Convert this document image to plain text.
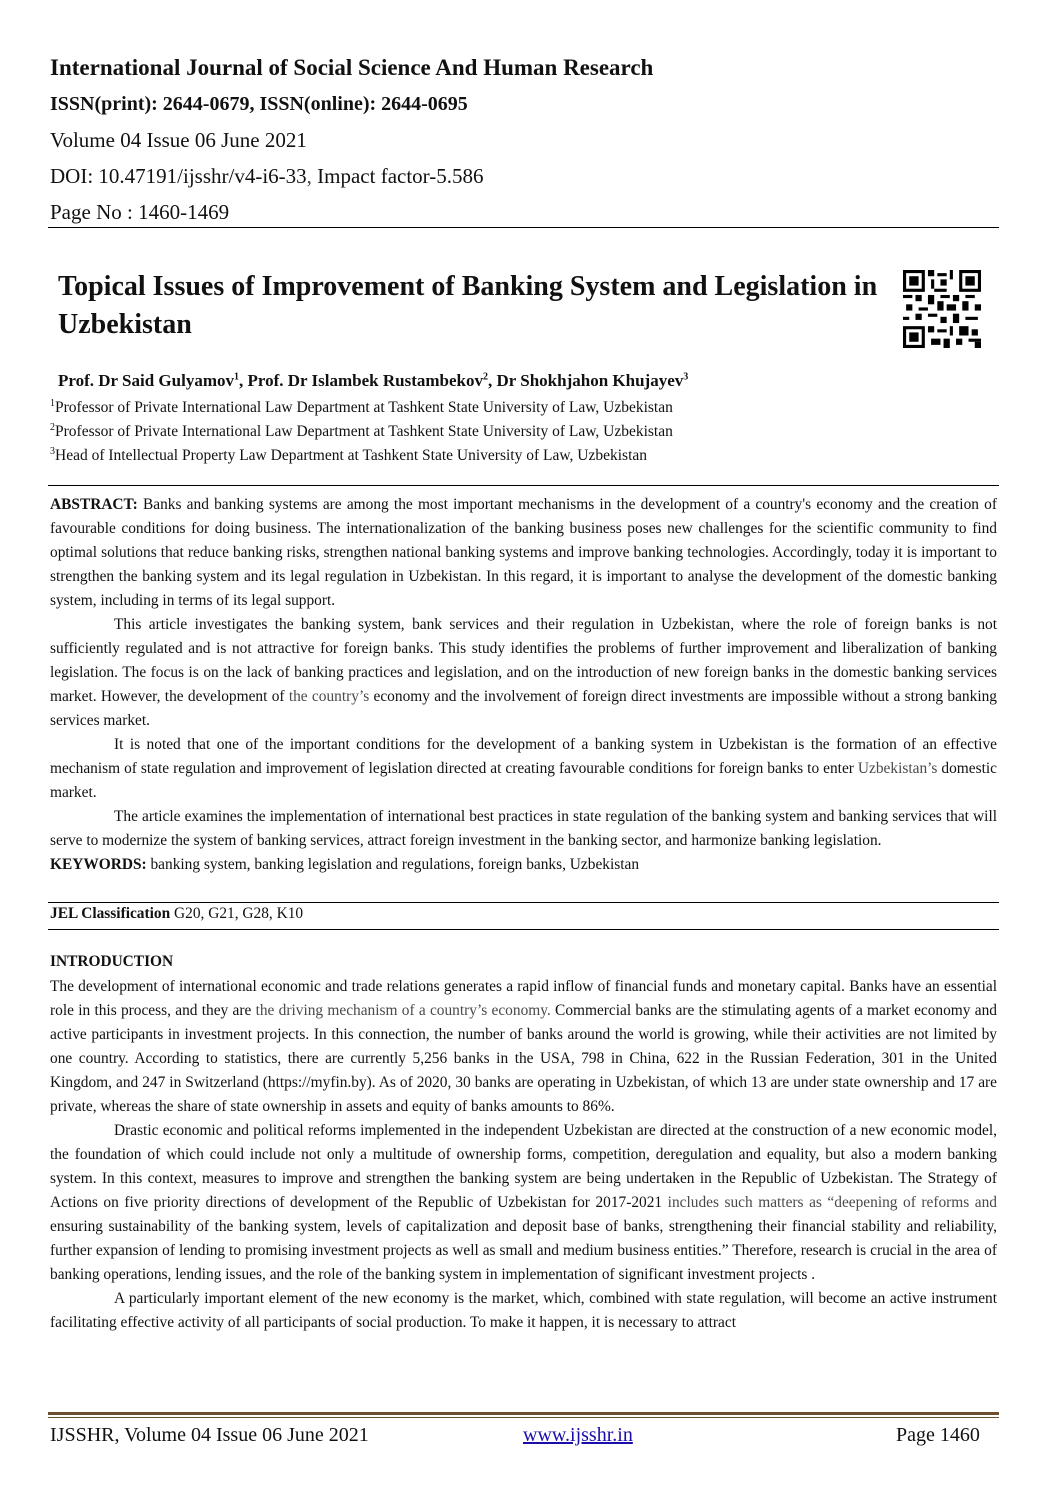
International Journal of Social Science And Human Research
ISSN(print): 2644-0679, ISSN(online): 2644-0695
Volume 04 Issue 06 June 2021
DOI: 10.47191/ijsshr/v4-i6-33, Impact factor-5.586
Page No : 1460-1469
Topical Issues of Improvement of Banking System and Legislation in Uzbekistan
Prof. Dr Said Gulyamov$^1$, Prof. Dr Islambek Rustambekov$^2$, Dr Shokhjahon Khujayev$^3$
$^1$Professor of Private International Law Department at Tashkent State University of Law, Uzbekistan
$^2$Professor of Private International Law Department at Tashkent State University of Law, Uzbekistan
$^3$Head of Intellectual Property Law Department at Tashkent State University of Law, Uzbekistan

ABSTRACT: Banks and banking systems are among the most important mechanisms in the development of a country's economy and the creation of favourable conditions for doing business. The internationalization of the banking business poses new challenges for the scientific community to find optimal solutions that reduce banking risks, strengthen national banking systems and improve banking technologies. Accordingly, today it is important to strengthen the banking system and its legal regulation in Uzbekistan. In this regard, it is important to analyse the development of the domestic banking system, including in terms of its legal support.

This article investigates the banking system, bank services and their regulation in Uzbekistan, where the role of foreign banks is not sufficiently regulated and is not attractive for foreign banks. This study identifies the problems of further improvement and liberalization of banking legislation. The focus is on the lack of banking practices and legislation, and on the introduction of new foreign banks in the domestic banking services market. However, the development of the country’s economy and the involvement of foreign direct investments are impossible without a strong banking services market.

It is noted that one of the important conditions for the development of a banking system in Uzbekistan is the formation of an effective mechanism of state regulation and improvement of legislation directed at creating favourable conditions for foreign banks to enter Uzbekistan’s domestic market.

The article examines the implementation of international best practices in state regulation of the banking system and banking services that will serve to modernize the system of banking services, attract foreign investment in the banking sector, and harmonize banking legislation.

KEYWORDS: banking system, banking legislation and regulations, foreign banks, Uzbekistan

JEL Classification G20, G21, G28, K10
INTRODUCTION

The development of international economic and trade relations generates a rapid inflow of financial funds and monetary capital. Banks have an essential role in this process, and they are the driving mechanism of a country’s economy. Commercial banks are the stimulating agents of a market economy and active participants in investment projects. In this connection, the number of banks around the world is growing, while their activities are not limited by one country. According to statistics, there are currently 5,256 banks in the USA, 798 in China, 622 in the Russian Federation, 301 in the United Kingdom, and 247 in Switzerland (https://myfin.by). As of 2020, 30 banks are operating in Uzbekistan, of which 13 are under state ownership and 17 are private, whereas the share of state ownership in assets and equity of banks amounts to 86%.

Drastic economic and political reforms implemented in the independent Uzbekistan are directed at the construction of a new economic model, the foundation of which could include not only a multitude of ownership forms, competition, deregulation and equality, but also a modern banking system. In this context, measures to improve and strengthen the banking system are being undertaken in the Republic of Uzbekistan. The Strategy of Actions on five priority directions of development of the Republic of Uzbekistan for 2017-2021 includes such matters as “deepening of reforms and ensuring sustainability of the banking system, levels of capitalization and deposit base of banks, strengthening their financial stability and reliability, further expansion of lending to promising investment projects as well as small and medium business entities.” Therefore, research is crucial in the area of banking operations, lending issues, and the role of the banking system in implementation of significant investment projects .

A particularly important element of the new economy is the market, which, combined with state regulation, will become an active instrument facilitating effective activity of all participants of social production. To make it happen, it is necessary to attract

IJSSHR, Volume 04 Issue 06 June 2021	www.ijsshr.in	Page 1460
